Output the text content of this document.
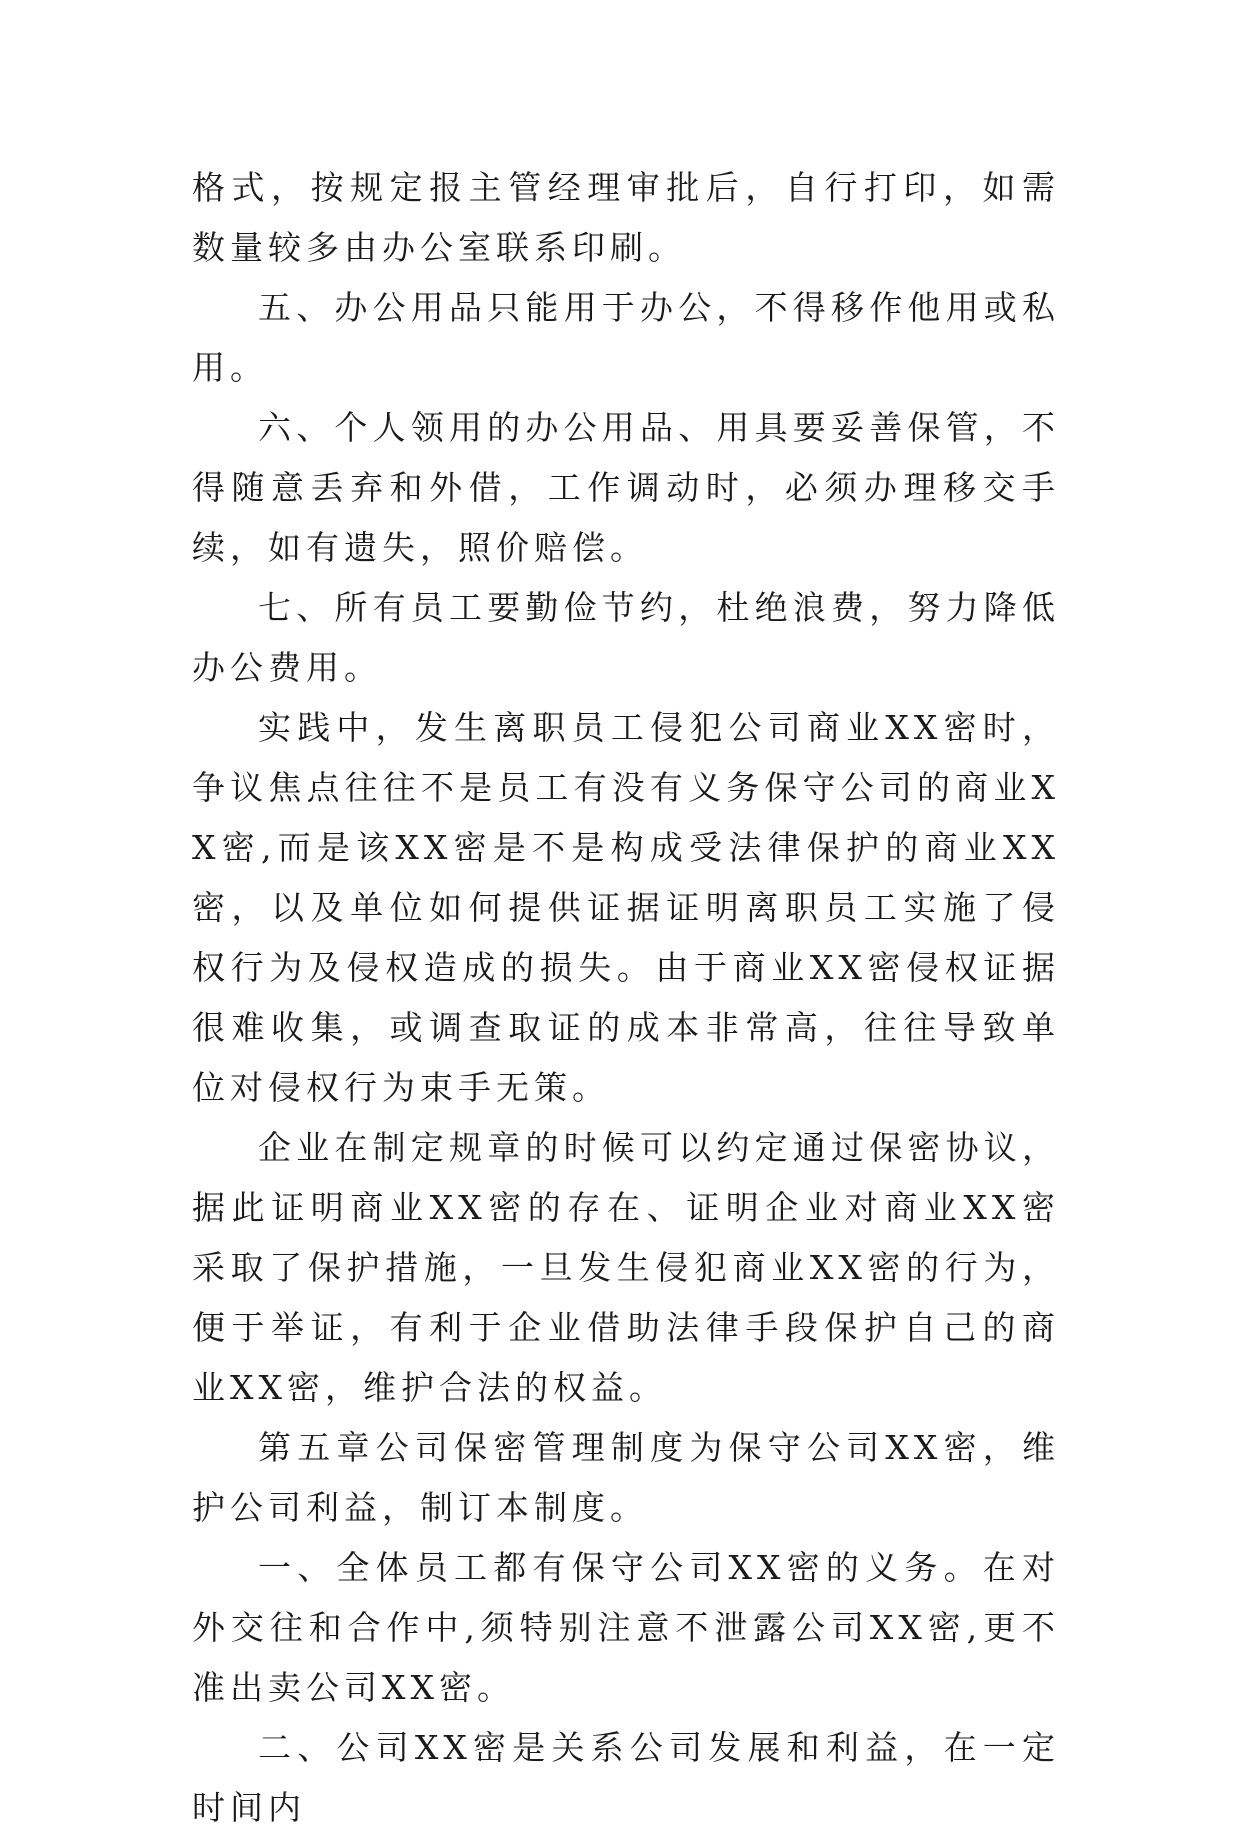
格式，按规定报主管经理审批后，自行打印，如需数量较多由办公室联系印刷。

五、办公用品只能用于办公，不得移作他用或私用。

六、个人领用的办公用品、用具要妥善保管，不得随意丢弃和外借，工作调动时，必须办理移交手续，如有遗失，照价赔偿。

七、所有员工要勤俭节约，杜绝浪费，努力降低办公费用。

实践中，发生离职员工侵犯公司商业XX密时，争议焦点往往不是员工有没有义务保守公司的商业XX密,而是该XX密是不是构成受法律保护的商业XX密，以及单位如何提供证据证明离职员工实施了侵权行为及侵权造成的损失。由于商业XX密侵权证据很难收集，或调查取证的成本非常高，往往导致单位对侵权行为束手无策。

企业在制定规章的时候可以约定通过保密协议，据此证明商业XX密的存在、证明企业对商业XX密采取了保护措施，一旦发生侵犯商业XX密的行为，便于举证，有利于企业借助法律手段保护自己的商业XX密，维护合法的权益。

第五章公司保密管理制度为保守公司XX密，维护公司利益，制订本制度。

一、全体员工都有保守公司XX密的义务。在对外交往和合作中,须特别注意不泄露公司XX密,更不准出卖公司XX密。

二、公司XX密是关系公司发展和利益，在一定时间内
